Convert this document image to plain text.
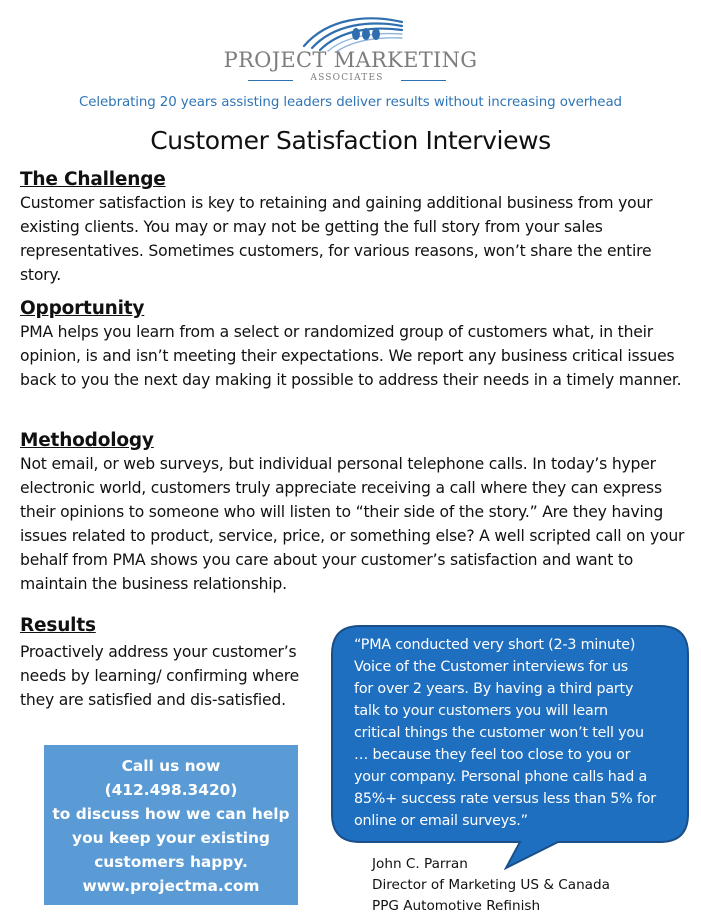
PROJECT MARKETING
ASSOCIATES
Celebrating 20 years assisting leaders deliver results without increasing overhead
Customer Satisfaction Interviews
The Challenge
Customer satisfaction is key to retaining and gaining additional business from your existing clients. You may or may not be getting the full story from your sales representatives. Sometimes customers, for various reasons, won’t share the entire story.
Opportunity
PMA helps you learn from a select or randomized group of customers what, in their opinion, is and isn’t meeting their expectations. We report any business critical issues back to you the next day making it possible to address their needs in a timely manner.
Methodology
Not email, or web surveys, but individual personal telephone calls. In today’s hyper electronic world, customers truly appreciate receiving a call where they can express their opinions to someone who will listen to “their side of the story.” Are they having issues related to product, service, price, or something else? A well scripted call on your behalf from PMA shows you care about your customer’s satisfaction and want to maintain the business relationship.
Results
Proactively address your customer’s needs by learning/ confirming where they are satisfied and dis-satisfied.
Call us now
(412.498.3420)
to discuss how we can help
you keep your existing
customers happy.
www.projectma.com
“PMA conducted very short (2-3 minute)
Voice of the Customer interviews for us
for over 2 years. By having a third party
talk to your customers you will learn
critical things the customer won’t tell you
… because they feel too close to you or
your company. Personal phone calls had a
85%+ success rate versus less than 5% for
online or email surveys.”
John C. Parran
Director of Marketing US & Canada
PPG Automotive Refinish
